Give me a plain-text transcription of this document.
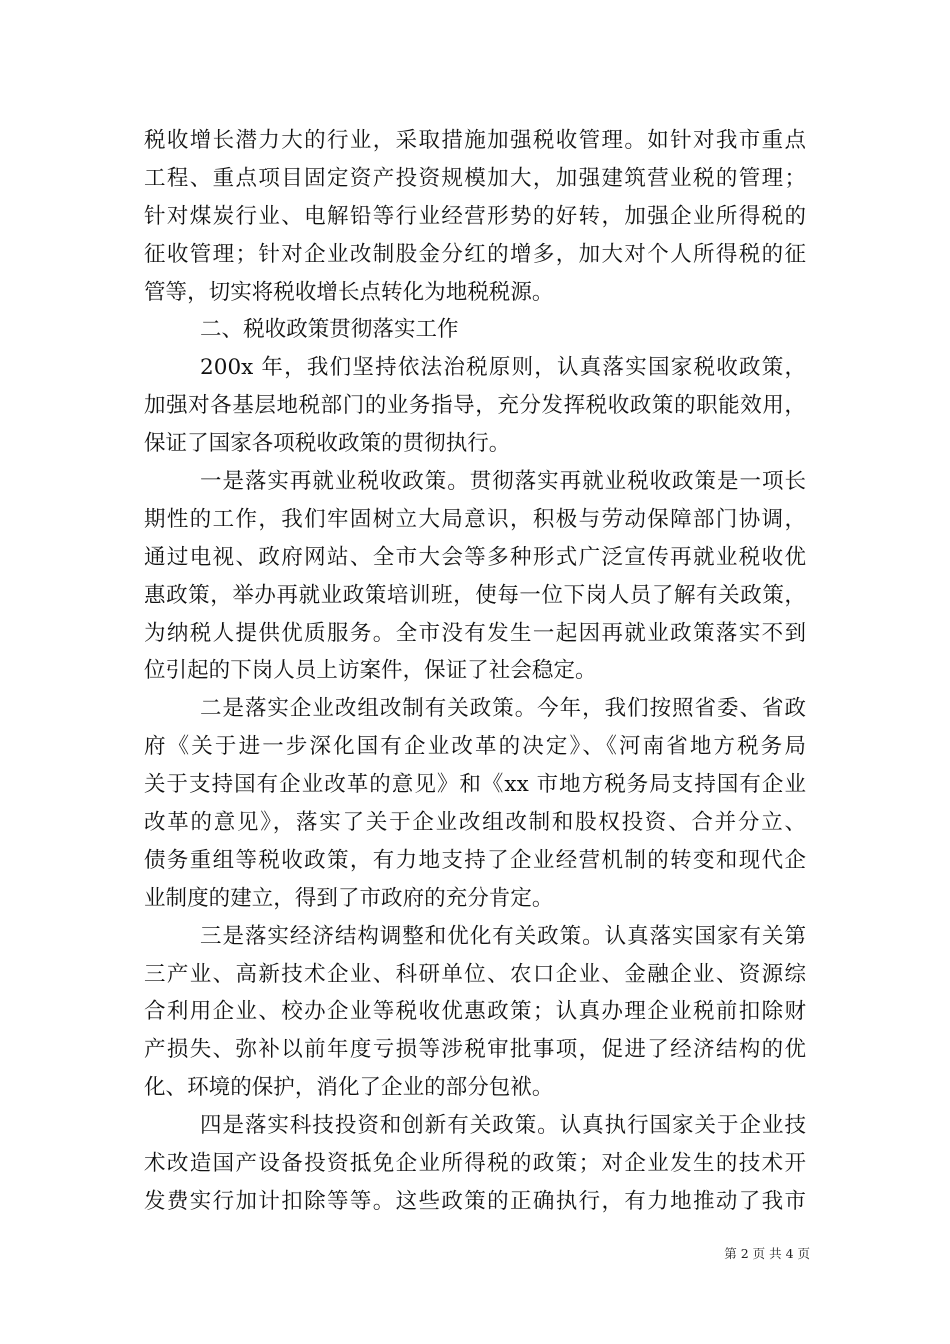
税收增长潜力大的行业，采取措施加强税收管理。如针对我市重点
工程、重点项目固定资产投资规模加大，加强建筑营业税的管理；
针对煤炭行业、电解铅等行业经营形势的好转，加强企业所得税的
征收管理；针对企业改制股金分红的增多，加大对个人所得税的征
管等，切实将税收增长点转化为地税税源。
二、税收政策贯彻落实工作
200x 年，我们坚持依法治税原则，认真落实国家税收政策，
加强对各基层地税部门的业务指导，充分发挥税收政策的职能效用，
保证了国家各项税收政策的贯彻执行。
一是落实再就业税收政策。贯彻落实再就业税收政策是一项长
期性的工作，我们牢固树立大局意识，积极与劳动保障部门协调，
通过电视、政府网站、全市大会等多种形式广泛宣传再就业税收优
惠政策，举办再就业政策培训班，使每一位下岗人员了解有关政策，
为纳税人提供优质服务。全市没有发生一起因再就业政策落实不到
位引起的下岗人员上访案件，保证了社会稳定。
二是落实企业改组改制有关政策。今年，我们按照省委、省政
府《关于进一步深化国有企业改革的决定》、《河南省地方税务局
关于支持国有企业改革的意见》和《xx 市地方税务局支持国有企业
改革的意见》，落实了关于企业改组改制和股权投资、合并分立、
债务重组等税收政策，有力地支持了企业经营机制的转变和现代企
业制度的建立，得到了市政府的充分肯定。
三是落实经济结构调整和优化有关政策。认真落实国家有关第
三产业、高新技术企业、科研单位、农口企业、金融企业、资源综
合利用企业、校办企业等税收优惠政策；认真办理企业税前扣除财
产损失、弥补以前年度亏损等涉税审批事项，促进了经济结构的优
化、环境的保护，消化了企业的部分包袱。
四是落实科技投资和创新有关政策。认真执行国家关于企业技
术改造国产设备投资抵免企业所得税的政策；对企业发生的技术开
发费实行加计扣除等等。这些政策的正确执行，有力地推动了我市
第 2 页 共 4 页
